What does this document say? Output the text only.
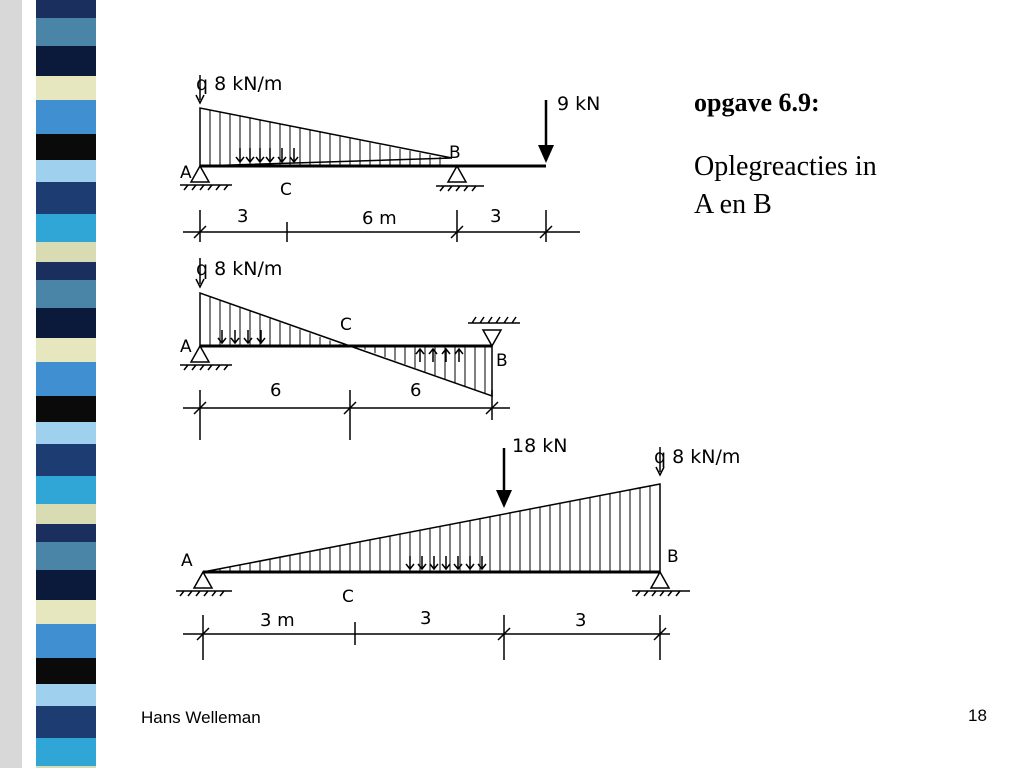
q 8 kN/m
9 kN
A
C
B
3	6 m	3
q 8 kN/m
A
B
C
6	6
18 kN	q 8 kN/m
A	B
C
3 m	3	3
opgave 6.9:
Oplegreacties in
A en B
Hans Welleman	18
